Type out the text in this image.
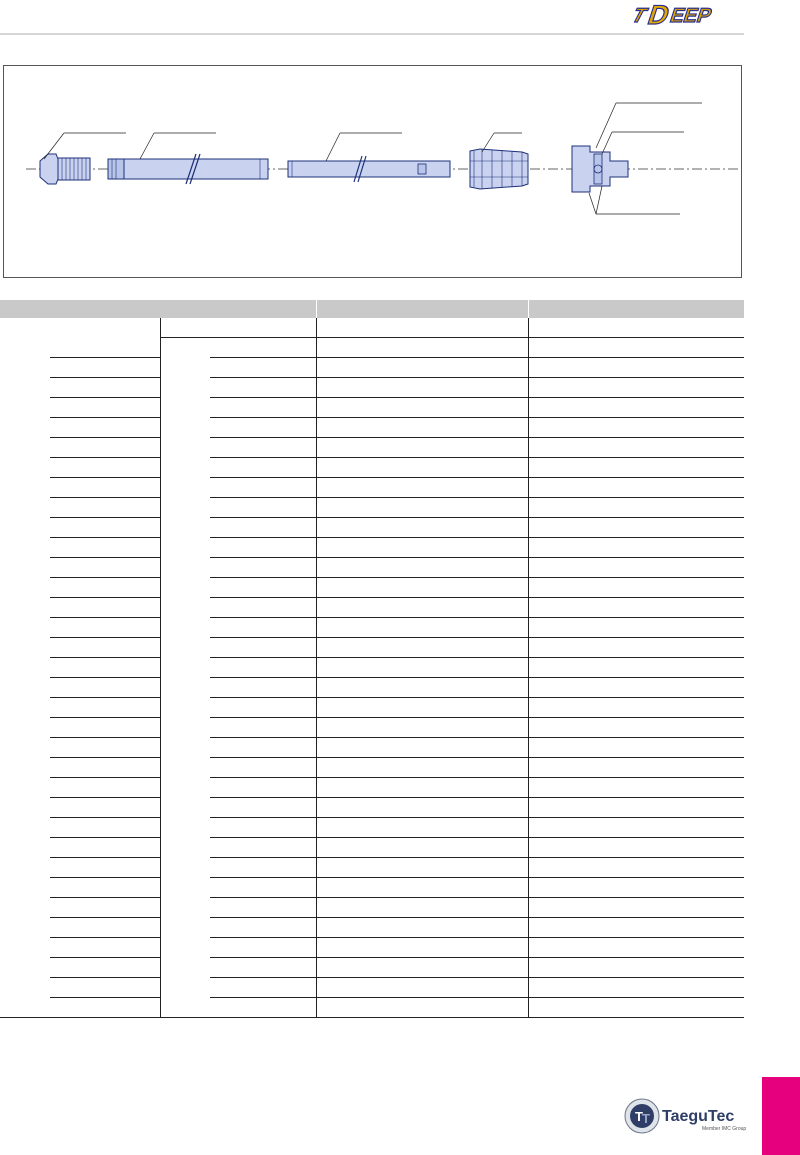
T
D
EEP

T T TaeguTec
Member IMC Group
